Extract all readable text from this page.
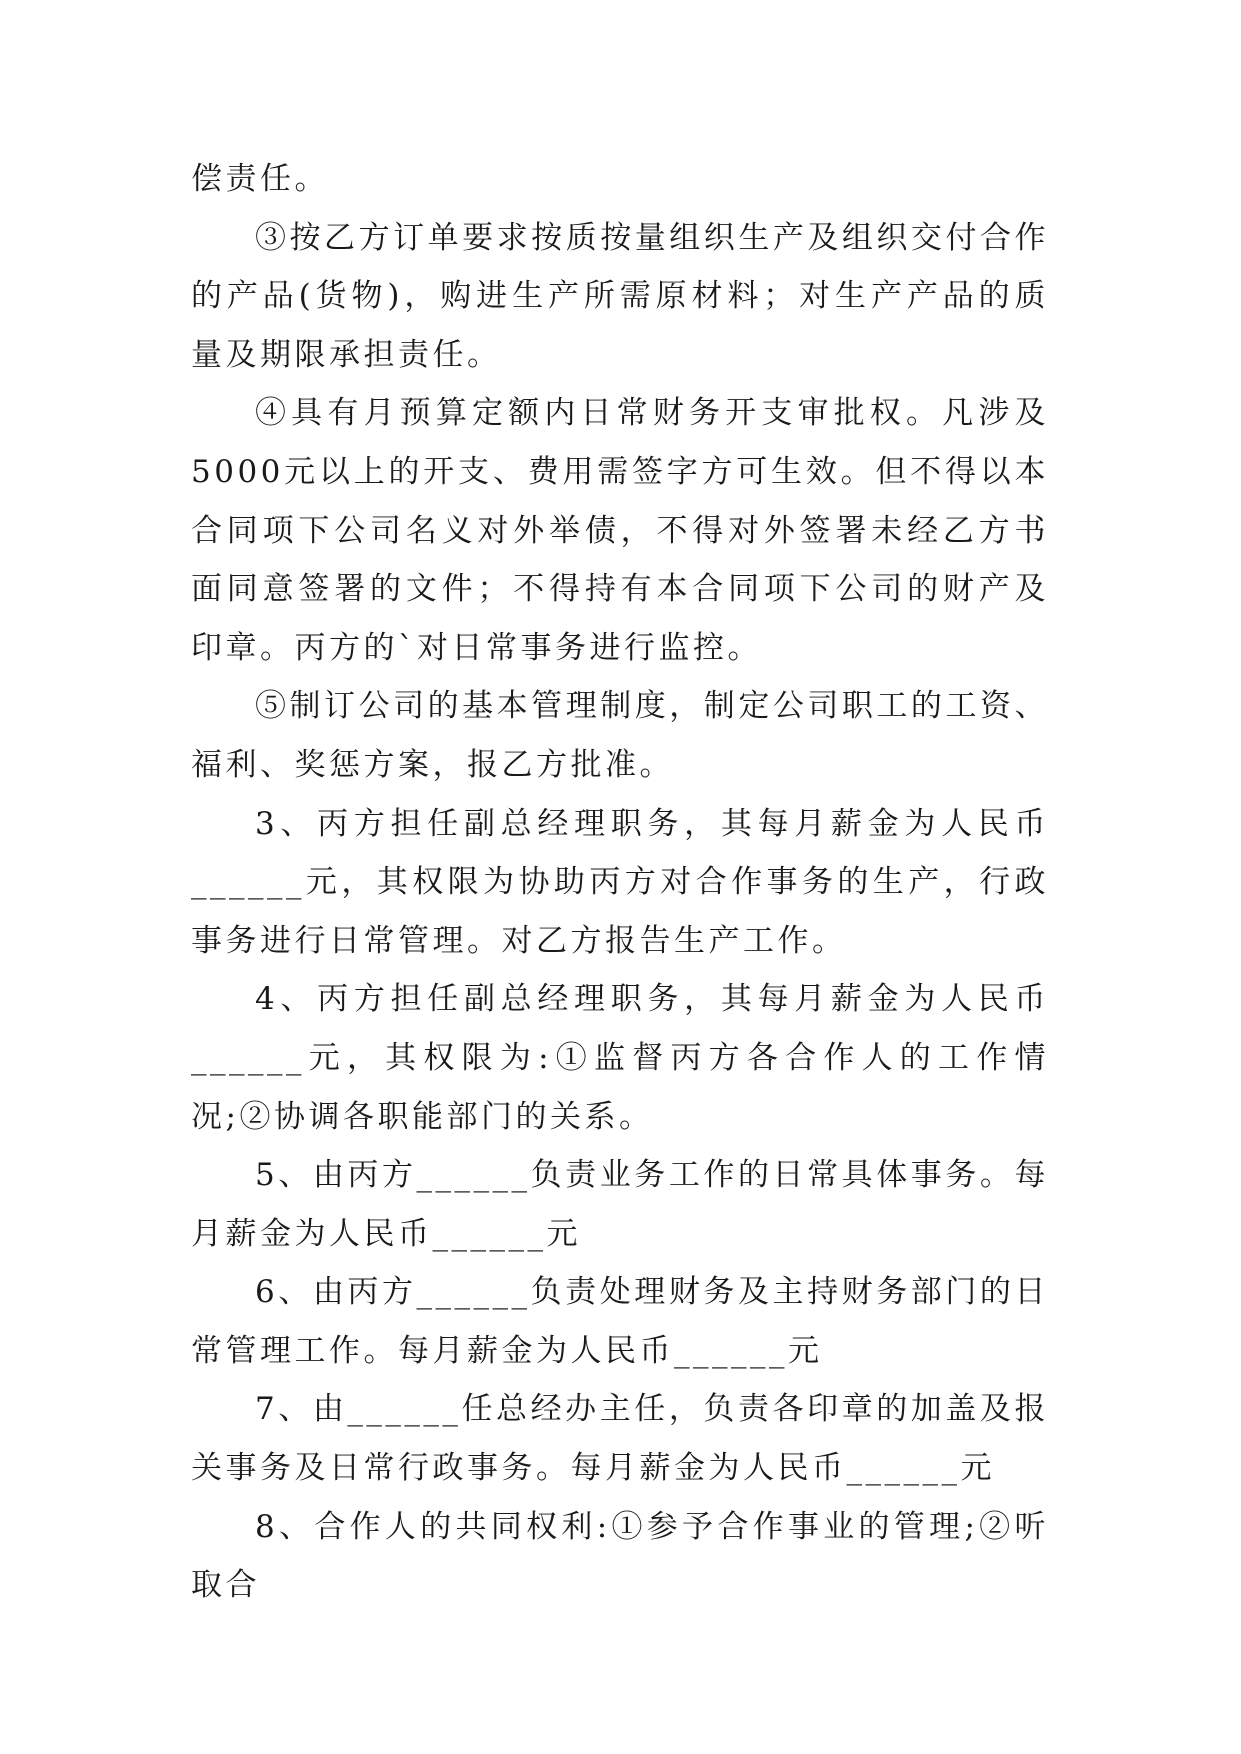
偿责任。

③按乙方订单要求按质按量组织生产及组织交付合作的产品(货物)，购进生产所需原材料；对生产产品的质量及期限承担责任。

④具有月预算定额内日常财务开支审批权。凡涉及5000元以上的开支、费用需签字方可生效。但不得以本合同项下公司名义对外举债，不得对外签署未经乙方书面同意签署的文件；不得持有本合同项下公司的财产及印章。丙方的`对日常事务进行监控。

⑤制订公司的基本管理制度，制定公司职工的工资、福利、奖惩方案，报乙方批准。

3、丙方担任副总经理职务，其每月薪金为人民币______元，其权限为协助丙方对合作事务的生产，行政事务进行日常管理。对乙方报告生产工作。

4、丙方担任副总经理职务，其每月薪金为人民币______元，其权限为:①监督丙方各合作人的工作情况;②协调各职能部门的关系。

5、由丙方______负责业务工作的日常具体事务。每月薪金为人民币______元

6、由丙方______负责处理财务及主持财务部门的日常管理工作。每月薪金为人民币______元

7、由______任总经办主任，负责各印章的加盖及报关事务及日常行政事务。每月薪金为人民币______元

8、合作人的共同权利:①参予合作事业的管理;②听取合
